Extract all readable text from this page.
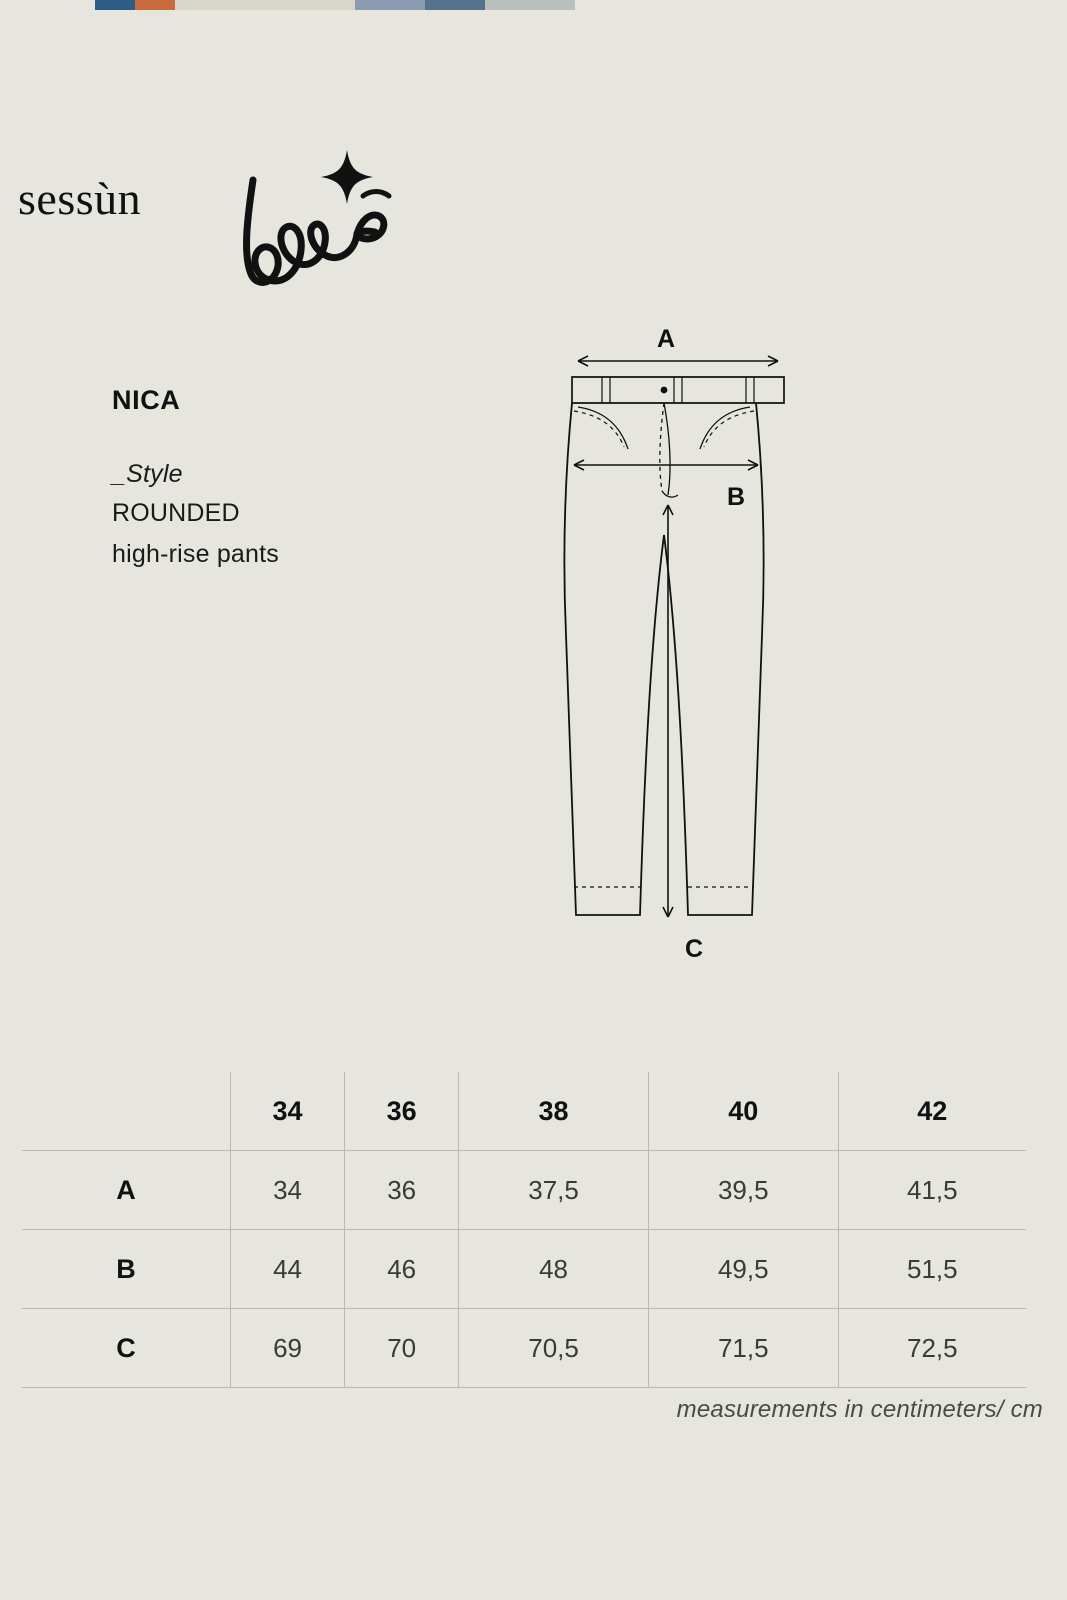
sessùn
NICA

_Style

ROUNDED

high-rise pants

A
B
C
	34	36	38	40	42
A	34	36	37,5	39,5	41,5
B	44	46	48	49,5	51,5
C	69	70	70,5	71,5	72,5
measurements in centimeters/ cm
